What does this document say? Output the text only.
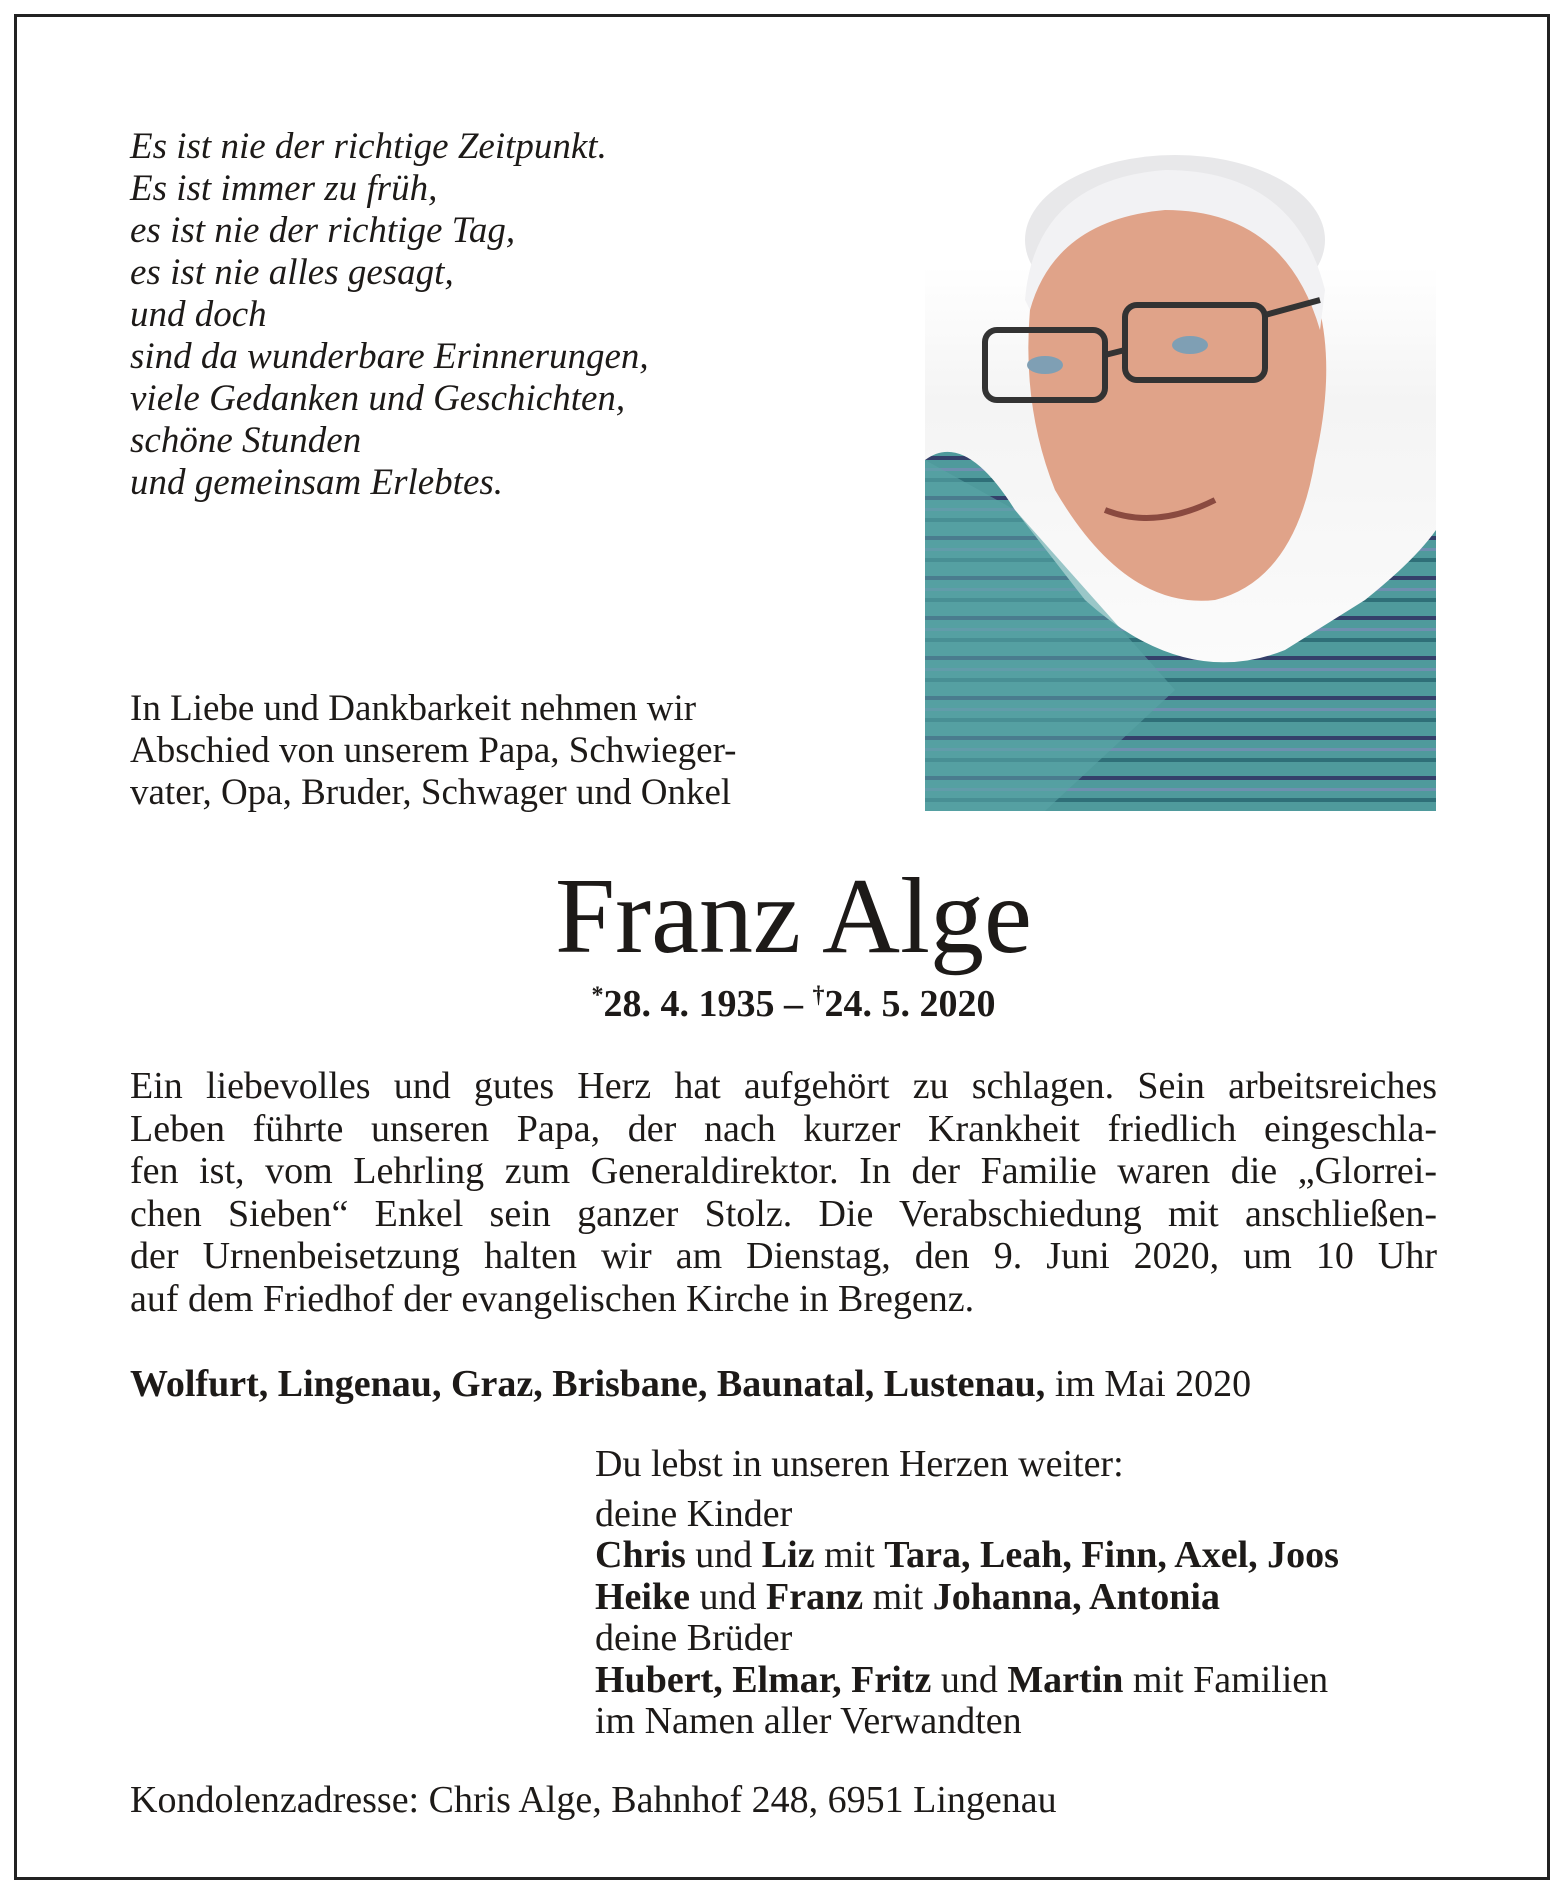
Es ist nie der richtige Zeitpunkt.
Es ist immer zu früh,
es ist nie der richtige Tag,
es ist nie alles gesagt,
und doch
sind da wunderbare Erinnerungen,
viele Gedanken und Geschichten,
schöne Stunden
und gemeinsam Erlebtes.
In Liebe und Dankbarkeit nehmen wir
Abschied von unserem Papa, Schwieger-
vater, Opa, Bruder, Schwager und Onkel
Franz Alge
*28. 4. 1935 – †24. 5. 2020
Ein liebevolles und gutes Herz hat aufgehört zu schlagen. Sein arbeitsreiches
Leben führte unseren Papa, der nach kurzer Krankheit friedlich eingeschla-
fen ist, vom Lehrling zum Generaldirektor. In der Familie waren die „Glorrei-
chen Sieben“ Enkel sein ganzer Stolz. Die Verabschiedung mit anschließen-
der Urnenbeisetzung halten wir am Dienstag, den 9. Juni 2020, um 10 Uhr
auf dem Friedhof der evangelischen Kirche in Bregenz.
Wolfurt, Lingenau, Graz, Brisbane, Baunatal, Lustenau, im Mai 2020
Du lebst in unseren Herzen weiter:
deine Kinder
Chris und Liz mit Tara, Leah, Finn, Axel, Joos
Heike und Franz mit Johanna, Antonia
deine Brüder
Hubert, Elmar, Fritz und Martin mit Familien
im Namen aller Verwandten
Kondolenzadresse: Chris Alge, Bahnhof 248, 6951 Lingenau
